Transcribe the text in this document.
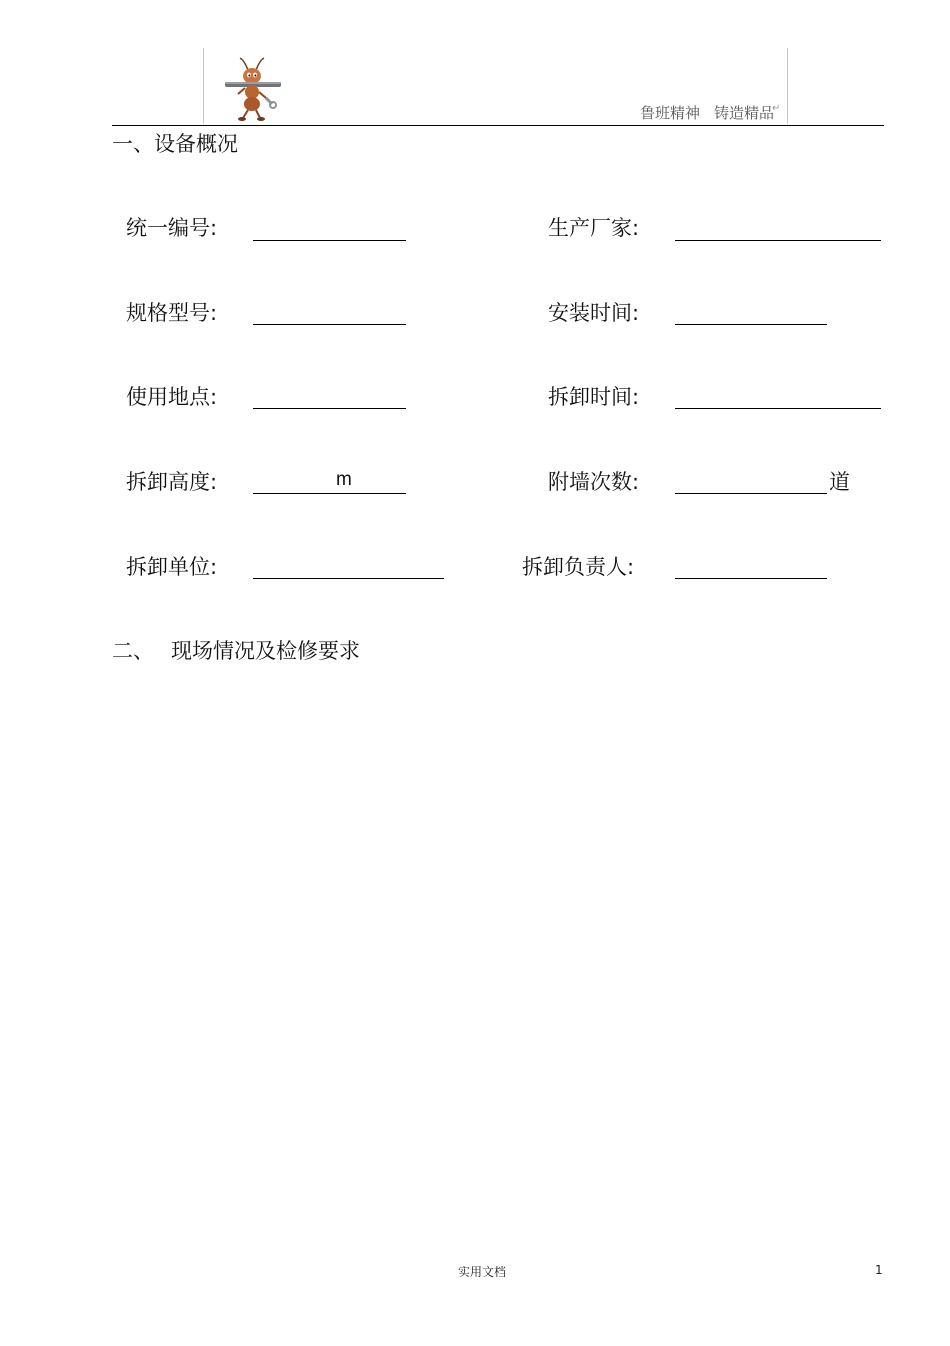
鲁班精神 铸造精品
↵
一、设备概况
统一编号:	生产厂家:
规格型号:	安装时间:
使用地点:	拆卸时间:
拆卸高度:	m	附墙次数:	道
拆卸单位:	拆卸负责人:
二、 现场情况及检修要求
实用文档	1
